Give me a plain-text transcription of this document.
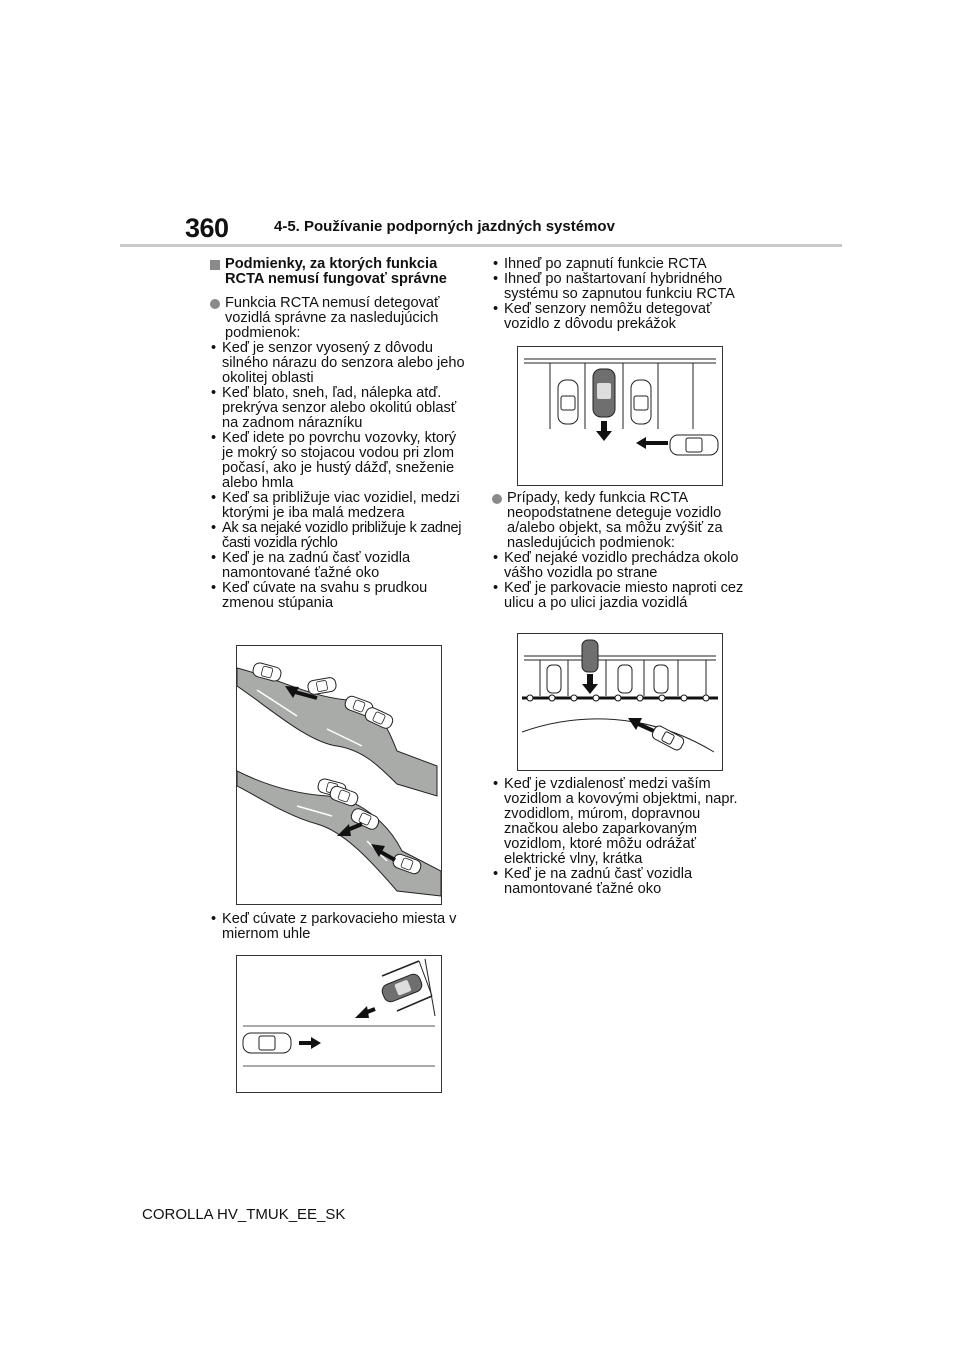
360	4-5. Používanie podporných jazdných systémov

Podmienky, za ktorých funkcia RCTA nemusí fungovať správne

Funkcia RCTA nemusí detegovať vozidlá správne za nasledujúcich podmienok:

• Keď je senzor vyosený z dôvodu silného nárazu do senzora alebo jeho okolitej oblasti
• Keď blato, sneh, ľad, nálepka atď. prekrýva senzor alebo okolitú oblasť na zadnom nárazníku
• Keď idete po povrchu vozovky, ktorý je mokrý so stojacou vodou pri zlom počasí, ako je hustý dážď, sneženie alebo hmla
• Keď sa približuje viac vozidiel, medzi ktorými je iba malá medzera
• Ak sa nejaké vozidlo približuje k zadnej časti vozidla rýchlo
• Keď je na zadnú časť vozidla namontované ťažné oko
• Keď cúvate na svahu s prudkou zmenou stúpania
• Keď cúvate z parkovacieho miesta v miernom uhle
• Ihneď po zapnutí funkcie RCTA
• Ihneď po naštartovaní hybridného systému so zapnutou funkciu RCTA
• Keď senzory nemôžu detegovať vozidlo z dôvodu prekážok

Prípady, kedy funkcia RCTA neopodstatnene deteguje vozidlo a/alebo objekt, sa môžu zvýšiť za nasledujúcich podmienok:

• Keď nejaké vozidlo prechádza okolo vášho vozidla po strane
• Keď je parkovacie miesto naproti cez ulicu a po ulici jazdia vozidlá
• Keď je vzdialenosť medzi vaším vozidlom a kovovými objektmi, napr. zvodidlom, múrom, dopravnou značkou alebo zaparkovaným vozidlom, ktoré môžu odrážať elektrické vlny, krátka
• Keď je na zadnú časť vozidla namontované ťažné oko
COROLLA HV_TMUK_EE_SK
